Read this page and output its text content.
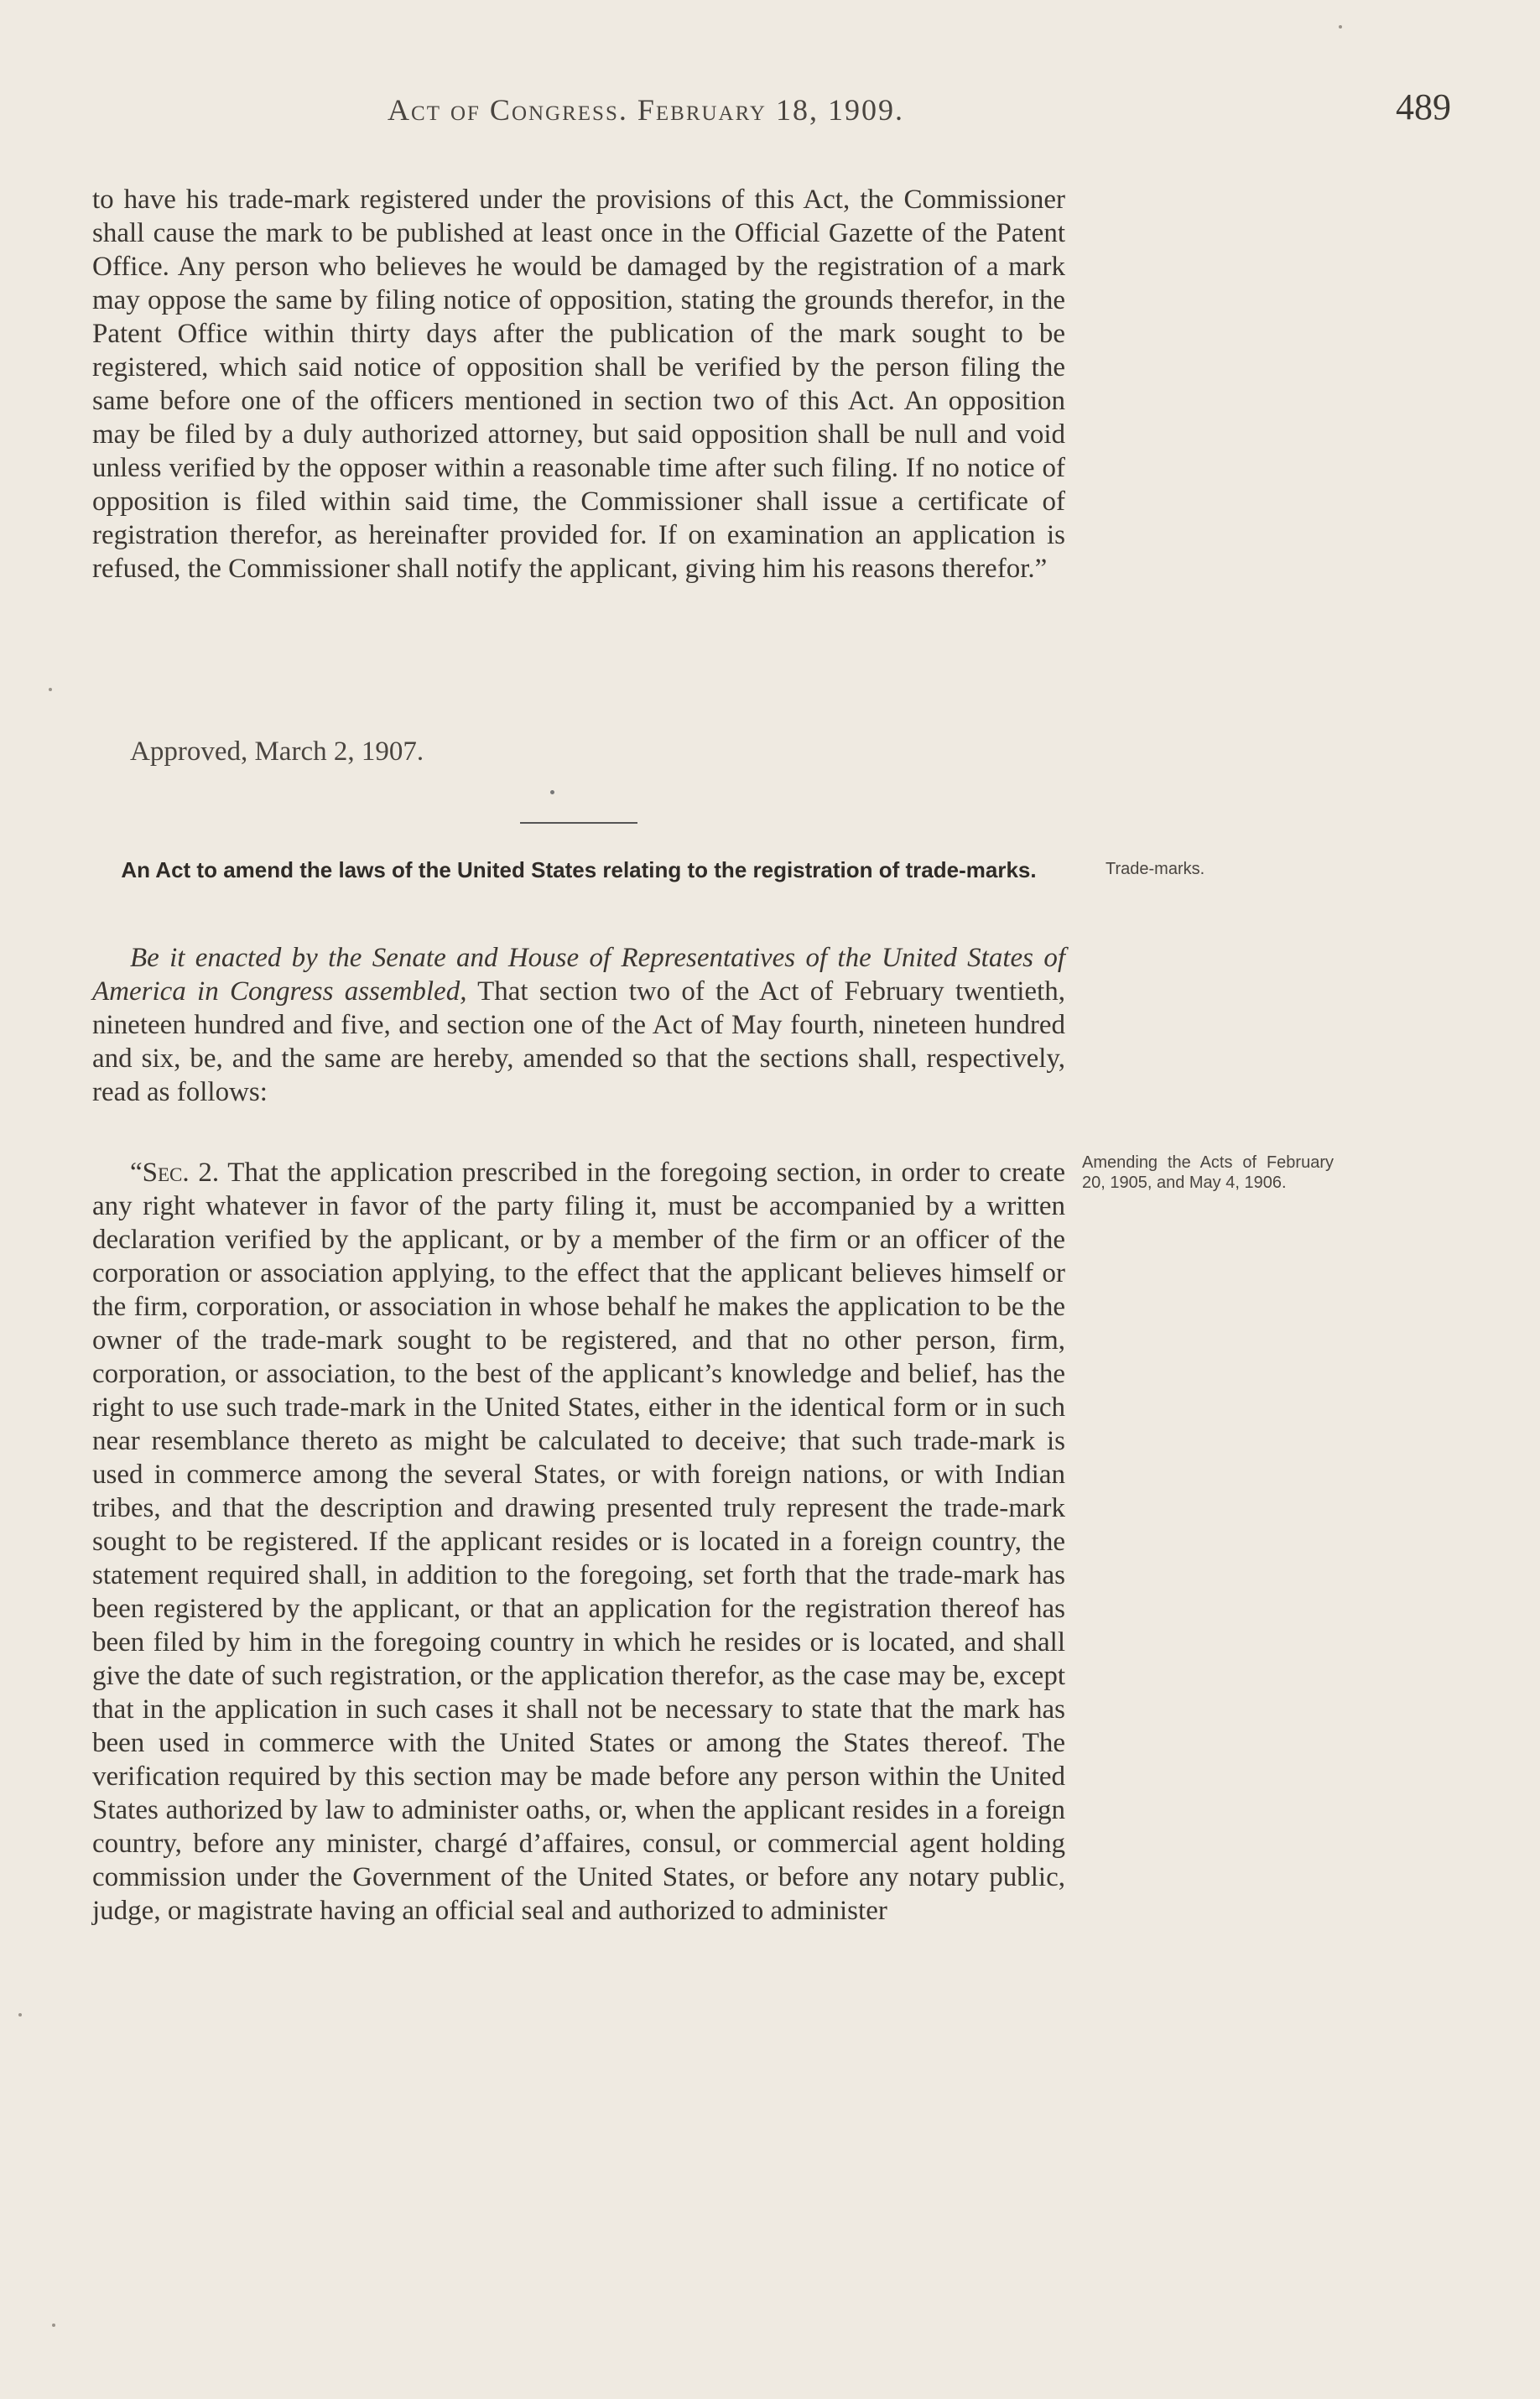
Act of Congress. February 18, 1909.	489

to have his trade-mark registered under the provisions of this Act, the Commissioner shall cause the mark to be published at least once in the Official Gazette of the Patent Office. Any person who believes he would be damaged by the registration of a mark may oppose the same by filing notice of opposition, stating the grounds therefor, in the Patent Office within thirty days after the publication of the mark sought to be registered, which said notice of opposition shall be verified by the person filing the same before one of the officers mentioned in section two of this Act. An opposition may be filed by a duly authorized attorney, but said opposition shall be null and void unless verified by the opposer within a reasonable time after such filing. If no notice of opposition is filed within said time, the Commissioner shall issue a certificate of registration therefor, as hereinafter provided for. If on examination an application is refused, the Commissioner shall notify the applicant, giving him his reasons therefor.”

Approved, March 2, 1907.
An Act to amend the laws of the United States relating to the registration of trade-marks.	Trade-marks.

Be it enacted by the Senate and House of Representatives of the United States of America in Congress assembled, That section two of the Act of February twentieth, nineteen hundred and five, and section one of the Act of May fourth, nineteen hundred and six, be, and the same are hereby, amended so that the sections shall, respectively, read as follows:

Amending the Acts of February 20, 1905, and May 4, 1906.

“Sec. 2. That the application prescribed in the foregoing section, in order to create any right whatever in favor of the party filing it, must be accompanied by a written declaration verified by the applicant, or by a member of the firm or an officer of the corporation or association applying, to the effect that the applicant believes himself or the firm, corporation, or association in whose behalf he makes the application to be the owner of the trade-mark sought to be registered, and that no other person, firm, corporation, or association, to the best of the applicant’s knowledge and belief, has the right to use such trade-mark in the United States, either in the identical form or in such near resemblance thereto as might be calculated to deceive; that such trade-mark is used in commerce among the several States, or with foreign nations, or with Indian tribes, and that the description and drawing presented truly represent the trade-mark sought to be registered. If the applicant resides or is located in a foreign country, the statement required shall, in addition to the foregoing, set forth that the trade-mark has been registered by the applicant, or that an application for the registration thereof has been filed by him in the foregoing country in which he resides or is located, and shall give the date of such registration, or the application therefor, as the case may be, except that in the application in such cases it shall not be necessary to state that the mark has been used in commerce with the United States or among the States thereof. The verification required by this section may be made before any person within the United States authorized by law to administer oaths, or, when the applicant resides in a foreign country, before any minister, chargé d’affaires, consul, or commercial agent holding commission under the Government of the United States, or before any notary public, judge, or magistrate having an official seal and authorized to administer
